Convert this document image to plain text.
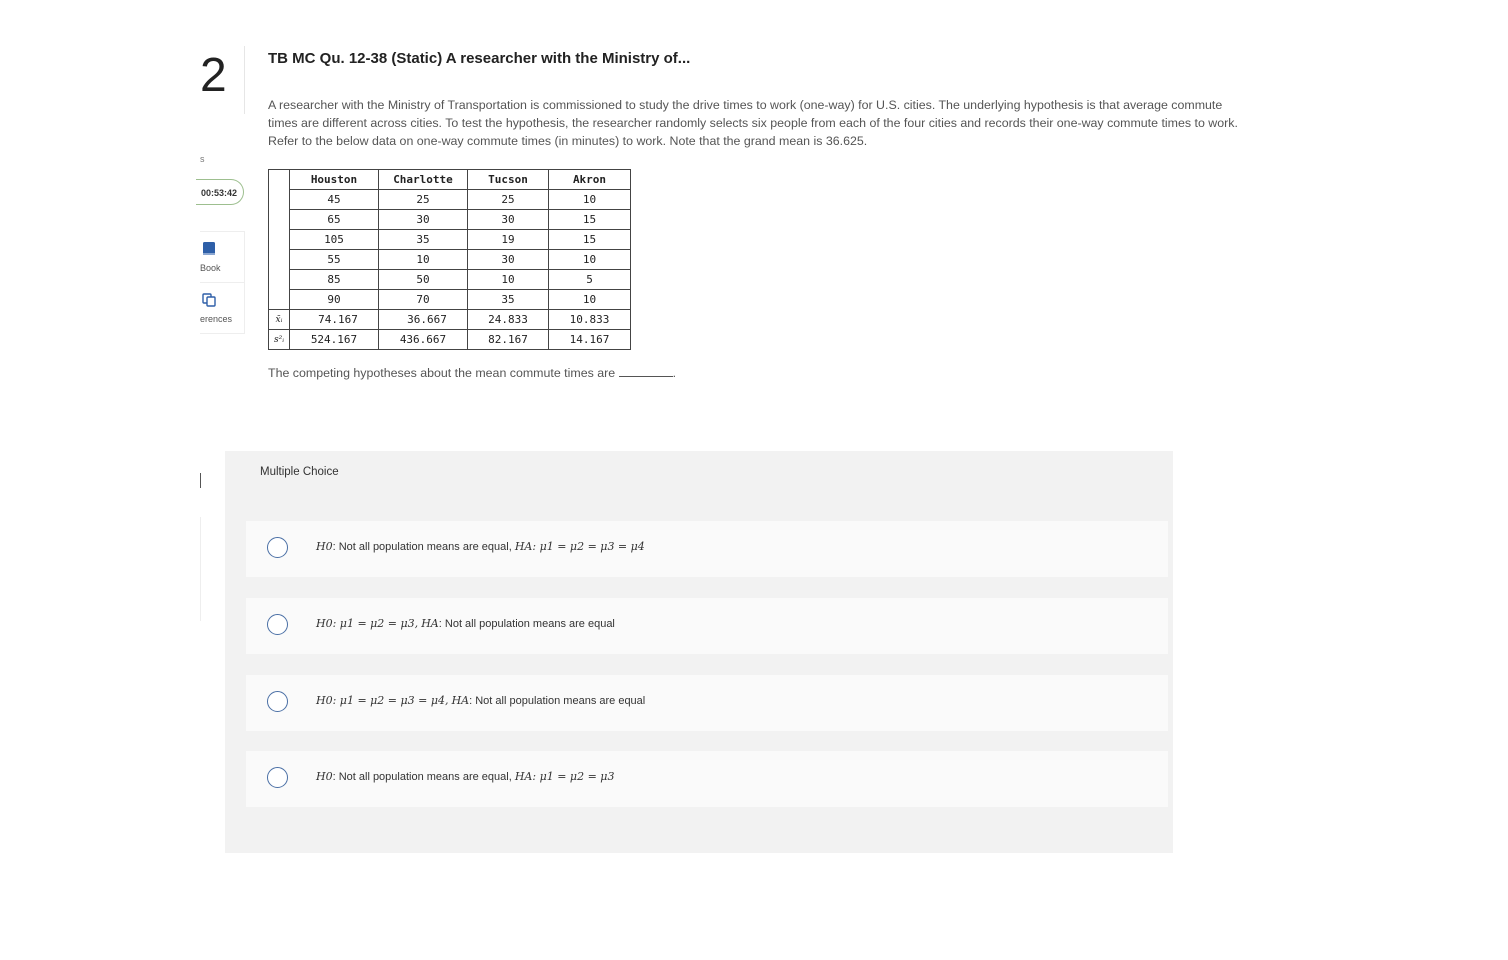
2
s
00:53:42
Book
erences
TB MC Qu. 12-38 (Static) A researcher with the Ministry of...

A researcher with the Ministry of Transportation is commissioned to study the drive times to work (one-way) for U.S. cities. The underlying hypothesis is that average commute times are different across cities. To test the hypothesis, the researcher randomly selects six people from each of the four cities and records their one-way commute times to work. Refer to the below data on one-way commute times (in minutes) to work. Note that the grand mean is 36.625.

	Houston	Charlotte	Tucson	Akron
	45	25	25	10
	65	30	30	15
	105	35	19	15
	55	10	30	10
	85	50	10	5
	90	70	35	10
x̄ᵢ	74.167	36.667	24.833	10.833
s²ᵢ	524.167	436.667	82.167	14.167

The competing hypotheses about the mean commute times are	.

Multiple Choice
H0: Not all population means are equal, HA: μ1 = μ2 = μ3 = μ4
H0: μ1 = μ2 = μ3, HA: Not all population means are equal
H0: μ1 = μ2 = μ3 = μ4, HA: Not all population means are equal
H0: Not all population means are equal, HA: μ1 = μ2 = μ3
